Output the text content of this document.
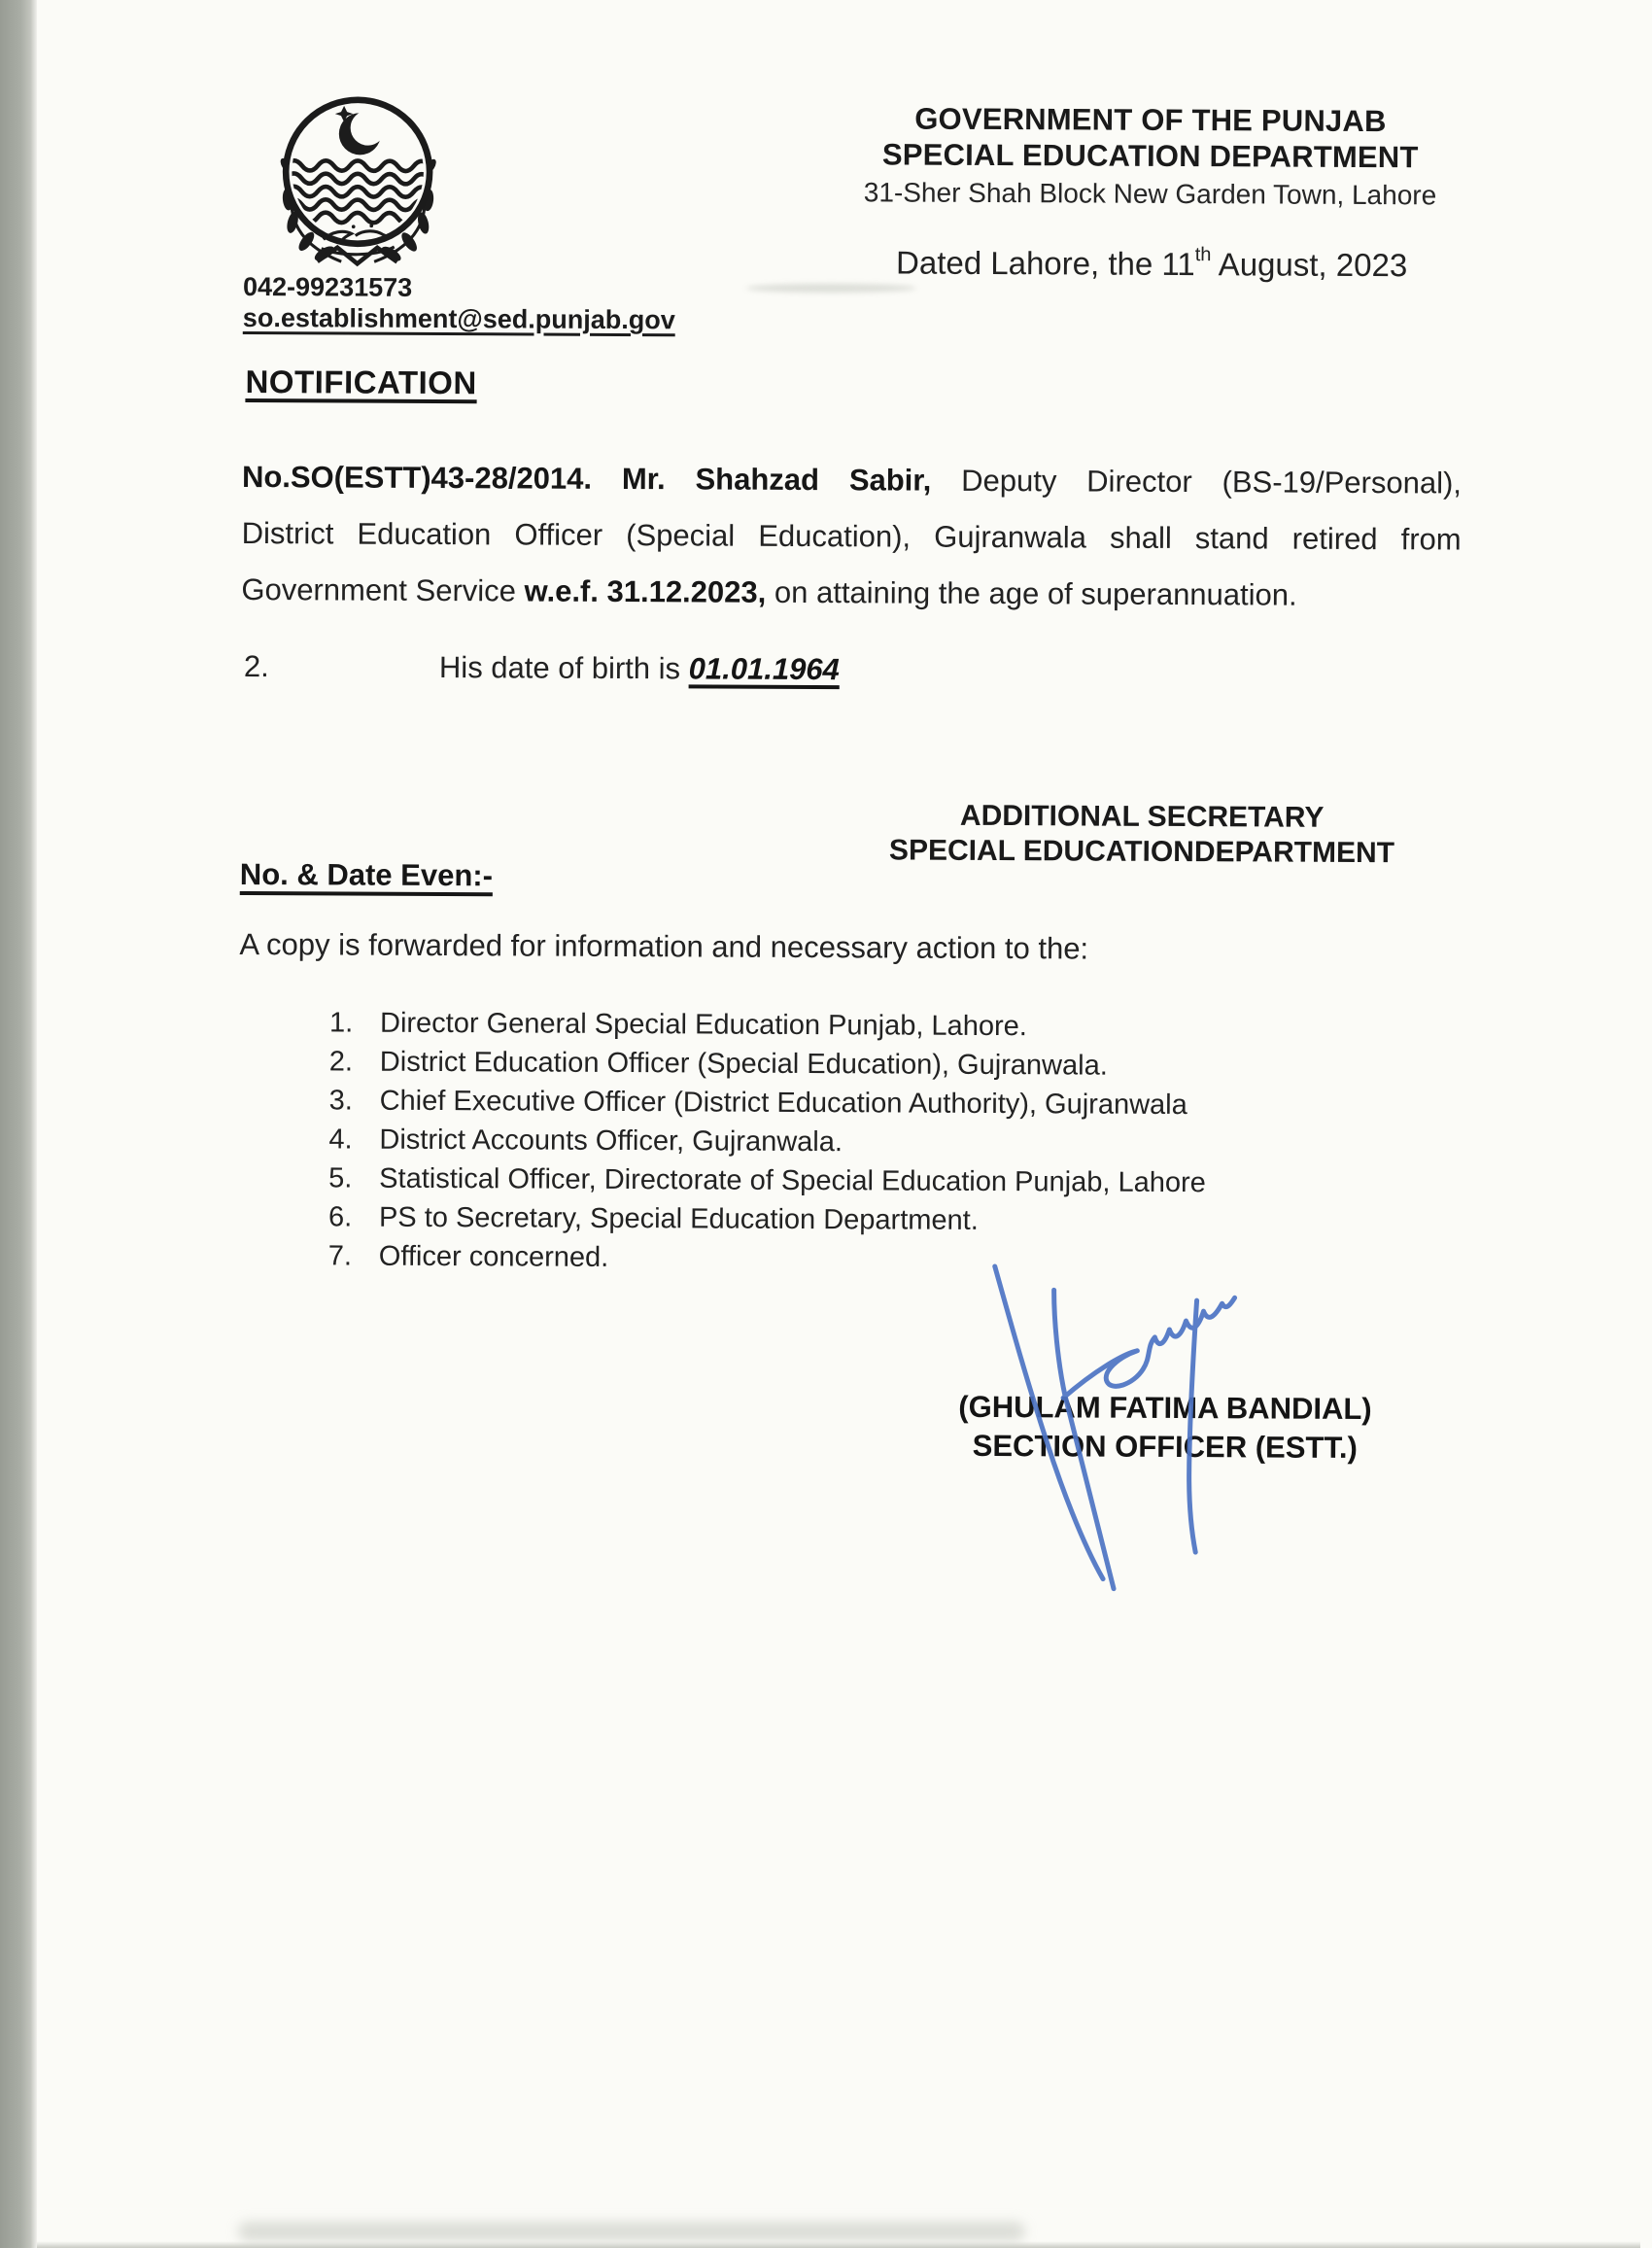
GOVERNMENT OF THE PUNJAB
SPECIAL EDUCATION DEPARTMENT
31-Sher Shah Block New Garden Town, Lahore
Dated Lahore, the 11th August, 2023
042-99231573
so.establishment@sed.punjab.gov
NOTIFICATION
No.SO(ESTT)43-28/2014. Mr. Shahzad Sabir, Deputy Director (BS-19/Personal),
District Education Officer (Special Education), Gujranwala shall stand retired from
Government Service w.e.f. 31.12.2023, on attaining the age of superannuation.
2.	His date of birth is 01.01.1964
ADDITIONAL SECRETARY
SPECIAL EDUCATIONDEPARTMENT
No. & Date Even:-
A copy is forwarded for information and necessary action to the:
1. Director General Special Education Punjab, Lahore.
2. District Education Officer (Special Education), Gujranwala.
3. Chief Executive Officer (District Education Authority), Gujranwala
4. District Accounts Officer, Gujranwala.
5. Statistical Officer, Directorate of Special Education Punjab, Lahore
6. PS to Secretary, Special Education Department.
7. Officer concerned.
(GHULAM FATIMA BANDIAL)
SECTION OFFICER (ESTT.)
